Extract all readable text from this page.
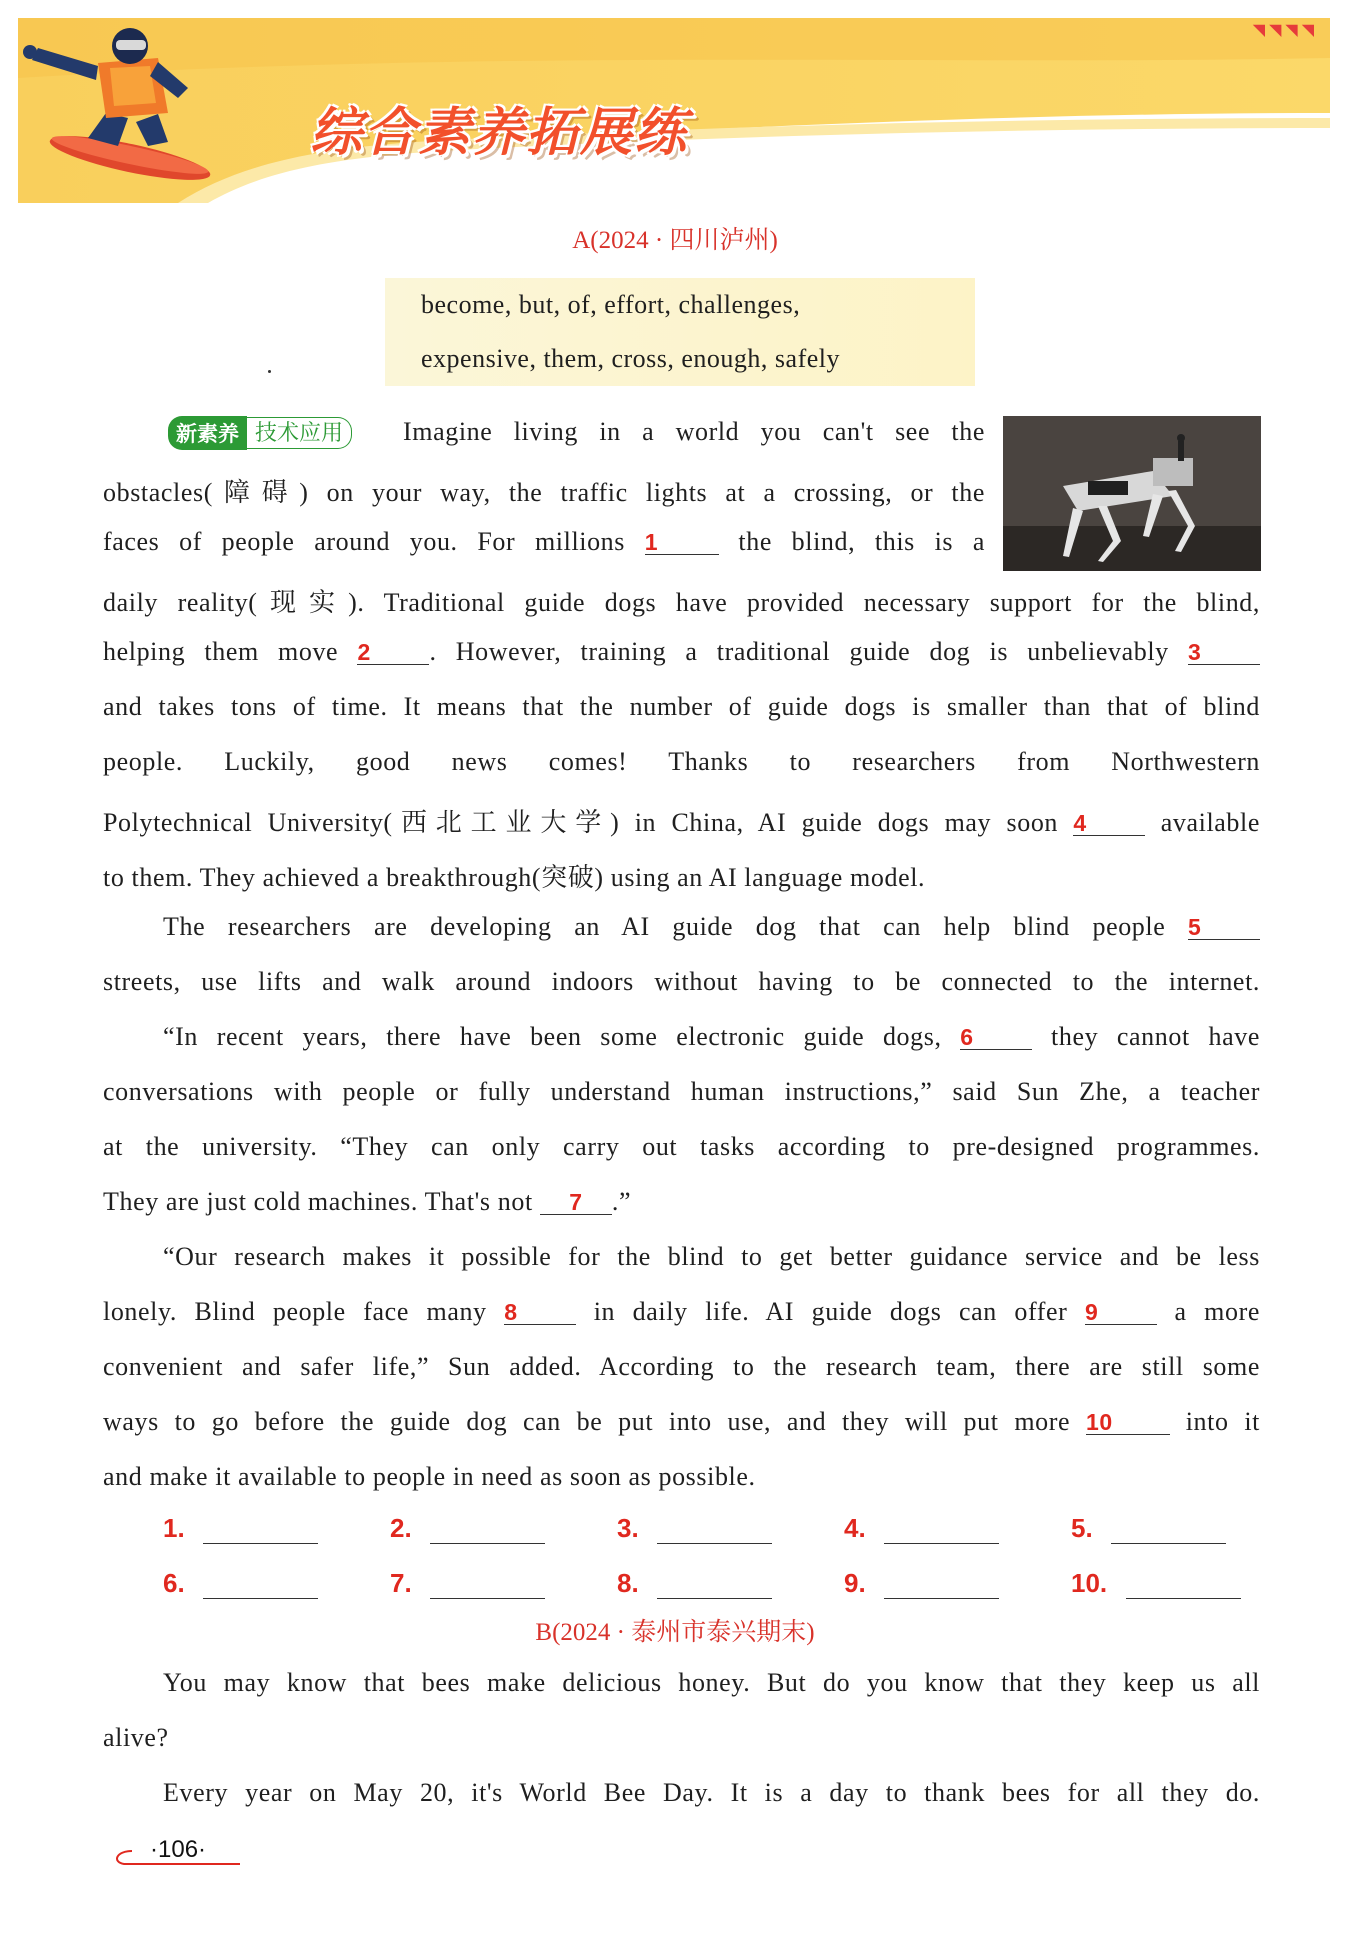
综合素养拓展练
◥◥◥◥
A(2024 · 四川泸州)
become, but, of, effort, challenges,
expensive, them, cross, enough, safely
新素养 技术应用	Imagine living in a world you can't see the
obstacles(障碍) on your way, the traffic lights at a crossing, or the
faces of people around you. For millions 1	the blind, this is a
daily reality(现实). Traditional guide dogs have provided necessary support for the blind,
helping them move 2 . However, training a traditional guide dog is unbelievably 3
and takes tons of time. It means that the number of guide dogs is smaller than that of blind
people. Luckily, good news comes! Thanks to researchers from Northwestern
Polytechnical University(西北工业大学) in China, AI guide dogs may soon 4	available
to them. They achieved a breakthrough(突破) using an AI language model.
The researchers are developing an AI guide dog that can help blind people 5
streets, use lifts and walk around indoors without having to be connected to the internet.
“In recent years, there have been some electronic guide dogs, 6	they cannot have
conversations with people or fully understand human instructions,” said Sun Zhe, a teacher
at the university. “They can only carry out tasks according to pre-designed programmes.
They are just cold machines. That's not 7 .”
“Our research makes it possible for the blind to get better guidance service and be less
lonely. Blind people face many 8	in daily life. AI guide dogs can offer 9	a more
convenient and safer life,” Sun added. According to the research team, there are still some
ways to go before the guide dog can be put into use, and they will put more 10	into it
and make it available to people in need as soon as possible.
1.	2.	3.	4.	5.
6.	7.	8.	9.	10.
B(2024 · 泰州市泰兴期末)
You may know that bees make delicious honey. But do you know that they keep us all
alive?
Every year on May 20, it's World Bee Day. It is a day to thank bees for all they do.
·106·
